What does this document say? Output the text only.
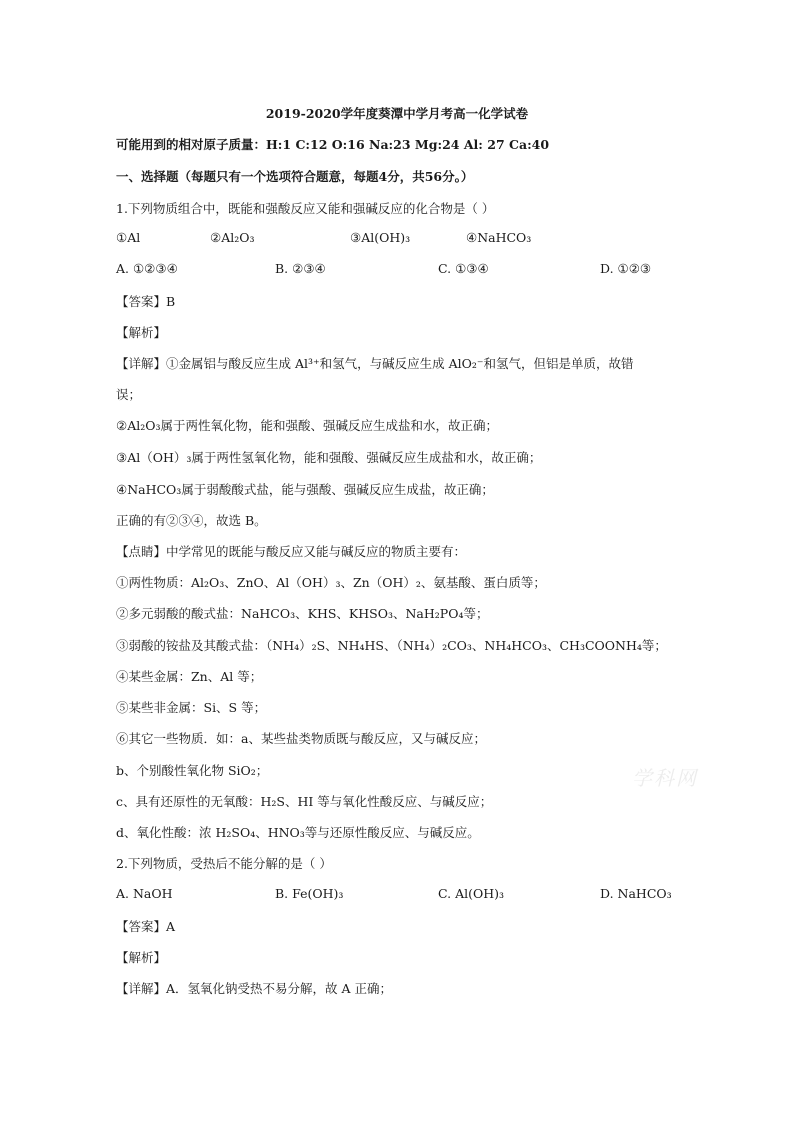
2019-2020学年度葵潭中学月考高一化学试卷
可能用到的相对原子质量：H:1 C:12 O:16 Na:23 Mg:24 Al: 27 Ca:40
一、选择题（每题只有一个选项符合题意，每题4分，共56分。）
1.下列物质组合中，既能和强酸反应又能和强碱反应的化合物是（ ）
①Al	②Al₂O₃	③Al(OH)₃	④NaHCO₃
A. ①②③④	B. ②③④	C. ①③④	D. ①②③
【答案】B
【解析】
【详解】①金属铝与酸反应生成 Al³⁺和氢气，与碱反应生成 AlO₂⁻和氢气，但铝是单质，故错
误；
②Al₂O₃属于两性氧化物，能和强酸、强碱反应生成盐和水，故正确；
③Al（OH）₃属于两性氢氧化物，能和强酸、强碱反应生成盐和水，故正确；
④NaHCO₃属于弱酸酸式盐，能与强酸、强碱反应生成盐，故正确；
正确的有②③④，故选 B。
【点睛】中学常见的既能与酸反应又能与碱反应的物质主要有：
①两性物质：Al₂O₃、ZnO、Al（OH）₃、Zn（OH）₂、氨基酸、蛋白质等；
②多元弱酸的酸式盐：NaHCO₃、KHS、KHSO₃、NaH₂PO₄等；
③弱酸的铵盐及其酸式盐：（NH₄）₂S、NH₄HS、（NH₄）₂CO₃、NH₄HCO₃、CH₃COONH₄等；
④某些金属：Zn、Al 等；
⑤某些非金属：Si、S 等；
⑥其它一些物质．如：a、某些盐类物质既与酸反应，又与碱反应；
b、个别酸性氧化物 SiO₂；
c、具有还原性的无氧酸：H₂S、HI 等与氧化性酸反应、与碱反应；
d、氧化性酸：浓 H₂SO₄、HNO₃等与还原性酸反应、与碱反应。
2.下列物质，受热后不能分解的是（ ）
A. NaOH	B. Fe(OH)₃	C. Al(OH)₃	D. NaHCO₃
【答案】A
【解析】
【详解】A．氢氧化钠受热不易分解，故 A 正确；
学科网
